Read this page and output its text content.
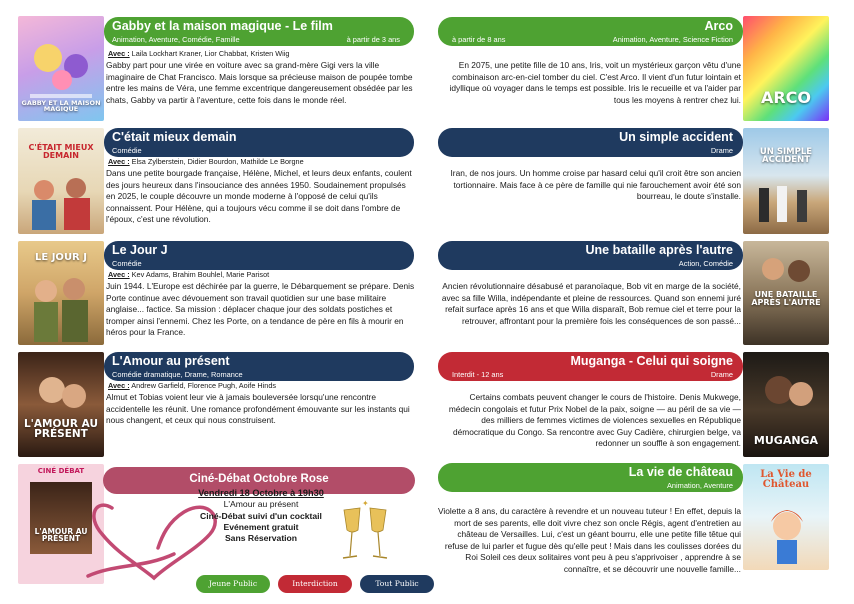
GABBY ET LA MAISON MAGIQUE
Gabby et la maison magique - Le film
Animation, Aventure, Comédie, Famille	à partir de 3 ans
Avec : Laila Lockhart Kraner, Lior Chabbat, Kristen Wiig
Gabby part pour une virée en voiture avec sa grand-mère Gigi vers la ville imaginaire de Chat Francisco. Mais lorsque sa précieuse maison de poupée tombe entre les mains de Véra, une femme excentrique dangereusement obsédée par les chats, Gabby va partir à l'aventure, cette fois dans le monde réel.
C'ÉTAIT MIEUX DEMAIN
C'était mieux demain
Comédie
Avec : Elsa Zylberstein, Didier Bourdon, Mathilde Le Borgne
Dans une petite bourgade française, Hélène, Michel, et leurs deux enfants, coulent des jours heureux dans l'insouciance des années 1950. Soudainement propulsés en 2025, le couple découvre un monde moderne à l'opposé de celui qu'ils connaissent. Pour Hélène, qui a toujours vécu comme il se doit dans l'ombre de l'époux, c'est une révolution.
LE JOUR J
Le Jour J
Comédie
Avec : Kev Adams, Brahim Bouhlel, Marie Parisot
Juin 1944. L'Europe est déchirée par la guerre, le Débarquement se prépare. Denis Porte continue avec dévouement son travail quotidien sur une base militaire anglaise... factice. Sa mission : déplacer chaque jour des soldats postiches et tromper ainsi l'ennemi. Chez les Porte, on a tendance de père en fils à mourir en héros pour la France.
L'AMOUR AU PRÉSENT
L'Amour au présent
Comédie dramatique, Drame, Romance
Avec : Andrew Garfield, Florence Pugh, Aoife Hinds
Almut et Tobias voient leur vie à jamais bouleversée lorsqu'une rencontre accidentelle les réunit. Une romance profondément émouvante sur les instants qui nous changent, et ceux qui nous construisent.
CINÉ DÉBAT
L'AMOUR AU PRÉSENT
Ciné-Débat Octobre Rose
Vendredi 18 Octobre à 19h30
L'Amour au présent
Ciné-Débat suivi d'un cocktail
Evénement gratuit
Sans Réservation
✦
Jeune Public	Interdiction	Tout Public
Arco
Animation, Aventure, Science Fiction
à partir de 8 ans
ARCO
En 2075, une petite fille de 10 ans, Iris, voit un mystérieux garçon vêtu d'une combinaison arc-en-ciel tomber du ciel. C'est Arco. Il vient d'un futur lointain et idyllique où voyager dans le temps est possible. Iris le recueille et va l'aider par tous les moyens à rentrer chez lui.
Un simple accident
Drame	UN SIMPLE ACCIDENT
Iran, de nos jours. Un homme croise par hasard celui qu'il croit être son ancien tortionnaire. Mais face à ce père de famille qui nie farouchement avoir été son bourreau, le doute s'installe.
Une bataille après l'autre
Action, Comédie
UNE BATAILLE APRÈS L'AUTRE
Ancien révolutionnaire désabusé et paranoïaque, Bob vit en marge de la société, avec sa fille Willa, indépendante et pleine de ressources. Quand son ennemi juré refait surface après 16 ans et que Willa disparaît, Bob remue ciel et terre pour la retrouver, affrontant pour la première fois les conséquences de son passé...
Muganga - Celui qui soigne
Drame
Interdit - 12 ans
MUGANGA
Certains combats peuvent changer le cours de l'histoire. Denis Mukwege, médecin congolais et futur Prix Nobel de la paix, soigne — au péril de sa vie — des milliers de femmes victimes de violences sexuelles en République démocratique du Congo. Sa rencontre avec Guy Cadière, chirurgien belge, va redonner un souffle à son engagement.
La vie de château
Animation, Aventure
La Vie de Château
Violette a 8 ans, du caractère à revendre et un nouveau tuteur ! En effet, depuis la mort de ses parents, elle doit vivre chez son oncle Régis, agent d'entretien au château de Versailles. Lui, c'est un géant bourru, elle une petite fille têtue qui refuse de lui parler et fugue dès qu'elle peut ! Mais dans les coulisses dorées du Roi Soleil ces deux solitaires vont peu à peu s'apprivoiser , apprendre à se connaître, et se découvrir une nouvelle famille...
